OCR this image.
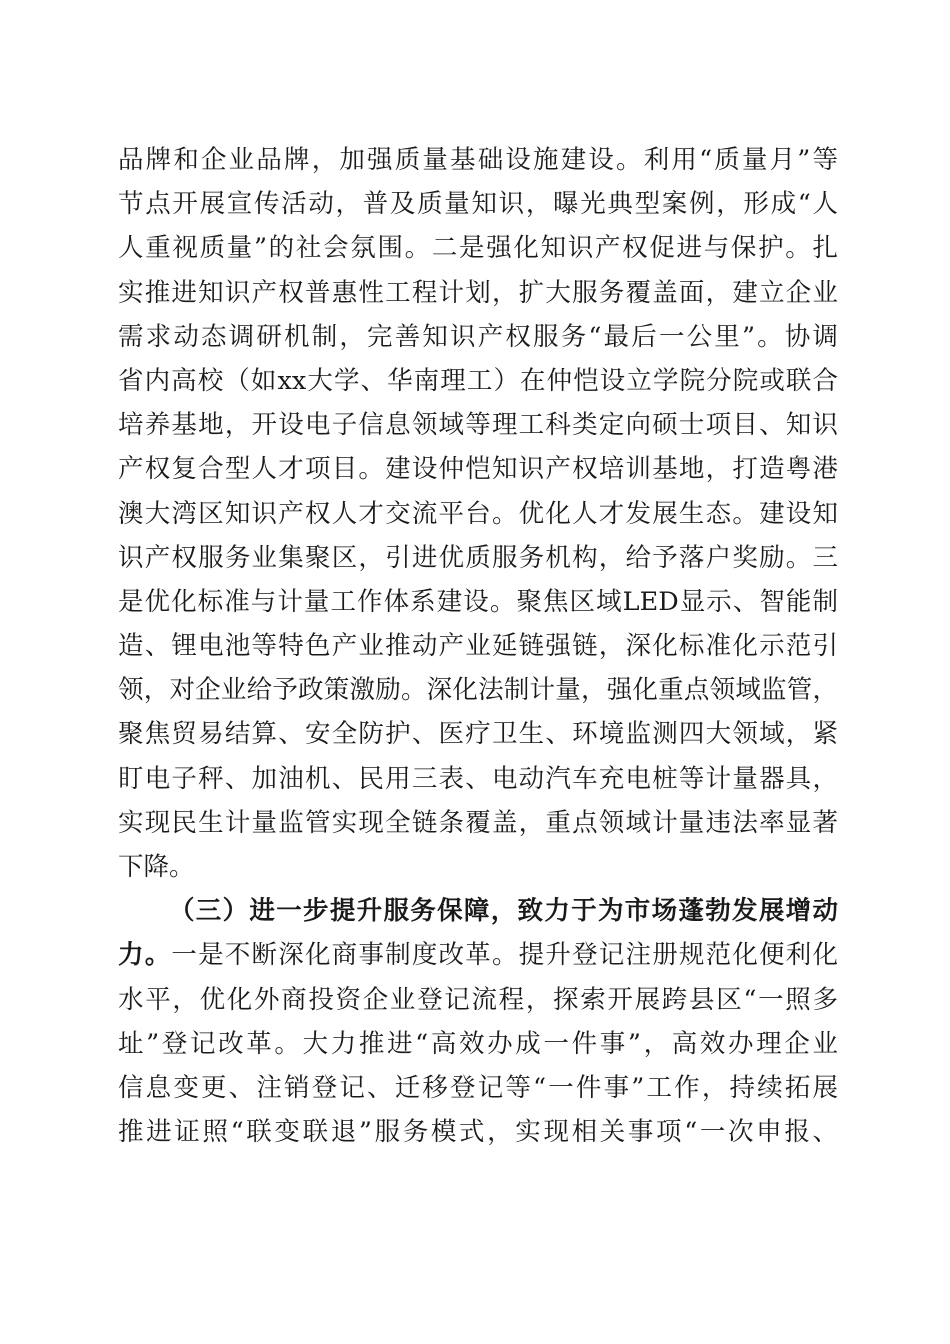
品牌和企业品牌，加强质量基础设施建设。利用“质量月”等
节点开展宣传活动，普及质量知识，曝光典型案例，形成“人
人重视质量”的社会氛围。二是强化知识产权促进与保护。扎
实推进知识产权普惠性工程计划，扩大服务覆盖面，建立企业
需求动态调研机制，完善知识产权服务“最后一公里”。协调
省内高校（如xx大学、华南理工）在仲恺设立学院分院或联合
培养基地，开设电子信息领域等理工科类定向硕士项目、知识
产权复合型人才项目。建设仲恺知识产权培训基地，打造粤港
澳大湾区知识产权人才交流平台。优化人才发展生态。建设知
识产权服务业集聚区，引进优质服务机构，给予落户奖励。三
是优化标准与计量工作体系建设。聚焦区域LED显示、智能制
造、锂电池等特色产业推动产业延链强链，深化标准化示范引
领，对企业给予政策激励。深化法制计量，强化重点领域监管，
聚焦贸易结算、安全防护、医疗卫生、环境监测四大领域，紧
盯电子秤、加油机、民用三表、电动汽车充电桩等计量器具，
实现民生计量监管实现全链条覆盖，重点领域计量违法率显著
下降。
（三）进一步提升服务保障，致力于为市场蓬勃发展增动
力。一是不断深化商事制度改革。提升登记注册规范化便利化
水平，优化外商投资企业登记流程，探索开展跨县区“一照多
址”登记改革。大力推进“高效办成一件事”，高效办理企业
信息变更、注销登记、迁移登记等“一件事”工作，持续拓展
推进证照“联变联退”服务模式，实现相关事项“一次申报、
